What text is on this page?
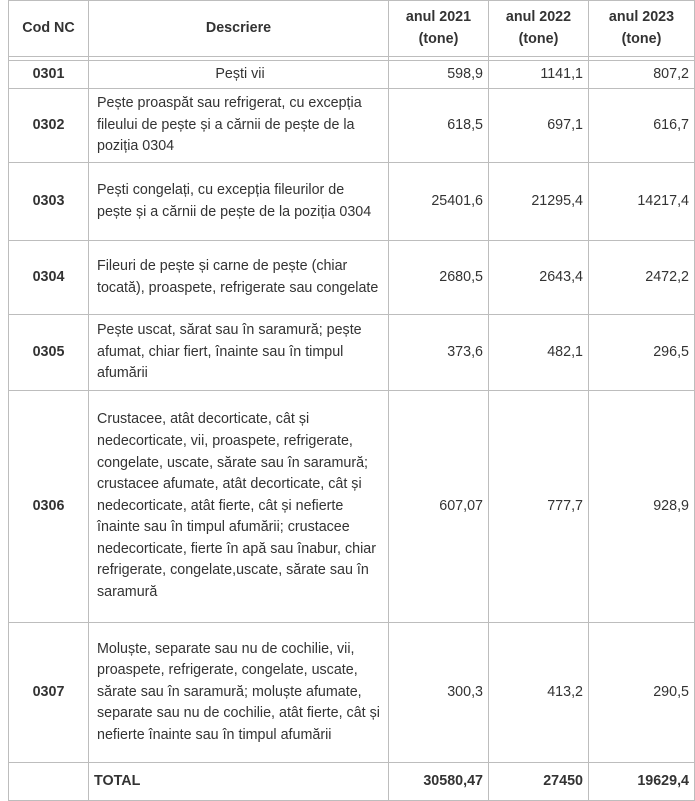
Cod NC	Descriere	anul 2021 (tone)	anul 2022 (tone)	anul 2023 (tone)

0301	Pești vii	598,9	1141,1	807,2
0302	Pește proaspăt sau refrigerat, cu excepția fileului de pește și a cărnii de pește de la poziția 0304	618,5	697,1	616,7
0303	Pești congelați, cu excepția fileurilor de pește și a cărnii de pește de la poziția 0304	25401,6	21295,4	14217,4
0304	Fileuri de pește și carne de pește (chiar tocată), proaspete, refrigerate sau congelate	2680,5	2643,4	2472,2
0305	Pește uscat, sărat sau în saramură; pește afumat, chiar fiert, înainte sau în timpul afumării	373,6	482,1	296,5
0306	Crustacee, atât decorticate, cât și nedecorticate, vii, proaspete, refrigerate, congelate, uscate, sărate sau în saramură; crustacee afumate, atât decorticate, cât și nedecorticate, atât fierte, cât și nefierte înainte sau în timpul afumării; crustacee nedecorticate, fierte în apă sau înabur, chiar refrigerate, congelate,uscate, sărate sau în saramură	607,07	777,7	928,9
0307	Moluște, separate sau nu de cochilie, vii, proaspete, refrigerate, congelate, uscate, sărate sau în saramură; moluște afumate, separate sau nu de cochilie, atât fierte, cât și nefierte înainte sau în timpul afumării	300,3	413,2	290,5
	TOTAL	30580,47	27450	19629,4
